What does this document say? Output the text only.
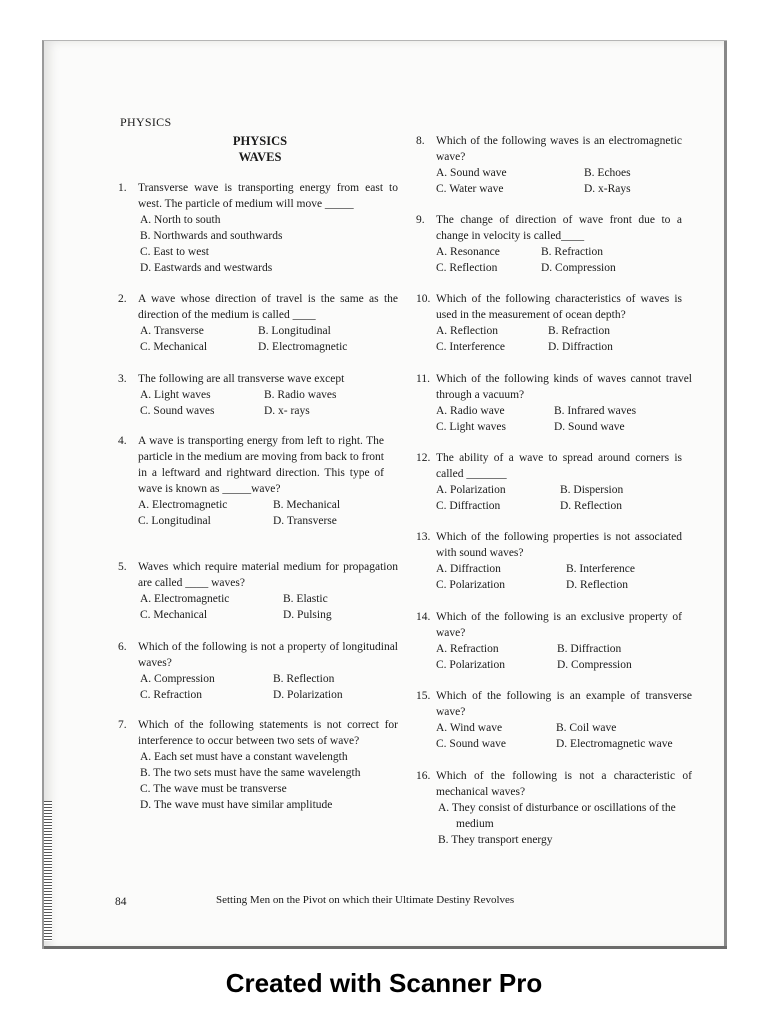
PHYSICS
PHYSICS
WAVES
1. Transverse wave is transporting energy from east to west. The particle of medium will move _____
A. North to south
B. Northwards and southwards
C. East to west
D. Eastwards and westwards
2. A wave whose direction of travel is the same as the direction of the medium is called ____
A. Transverse	B. Longitudinal
C. Mechanical	D. Electromagnetic
3. The following are all transverse wave except
A. Light waves	B. Radio waves
C. Sound waves	D. x- rays
4. A wave is transporting energy from left to right. The particle in the medium are moving from back to front in a leftward and rightward direction. This type of wave is known as _____wave?
A. Electromagnetic	B. Mechanical
C. Longitudinal	D. Transverse
5. Waves which require material medium for propagation are called ____ waves?
A. Electromagnetic	B. Elastic
C. Mechanical	D. Pulsing
6. Which of the following is not a property of longitudinal waves?
A. Compression	B. Reflection
C. Refraction	D. Polarization
7. Which of the following statements is not correct for interference to occur between two sets of wave?
A. Each set must have a constant wavelength
B. The two sets must have the same wavelength
C. The wave must be transverse
D. The wave must have similar amplitude
8. Which of the following waves is an electromagnetic wave?
A. Sound wave	B. Echoes
C. Water wave	D. x-Rays
9. The change of direction of wave front due to a change in velocity is called____
A. Resonance	B. Refraction
C. Reflection	D. Compression
10. Which of the following characteristics of waves is used in the measurement of ocean depth?
A. Reflection	B. Refraction
C. Interference	D. Diffraction
11. Which of the following kinds of waves cannot travel through a vacuum?
A. Radio wave	B. Infrared waves
C. Light waves	D. Sound wave
12. The ability of a wave to spread around corners is called _______
A. Polarization	B. Dispersion
C. Diffraction	D. Reflection
13. Which of the following properties is not associated with sound waves?
A. Diffraction	B. Interference
C. Polarization	D. Reflection
14. Which of the following is an exclusive property of wave?
A. Refraction	B. Diffraction
C. Polarization	D. Compression
15. Which of the following is an example of transverse wave?
A. Wind wave	B. Coil wave
C. Sound wave	D. Electromagnetic wave
16. Which of the following is not a characteristic of mechanical waves?
A. They consist of disturbance or oscillations of the medium
B. They transport energy
84	Setting Men on the Pivot on which their Ultimate Destiny Revolves
Created with Scanner Pro
